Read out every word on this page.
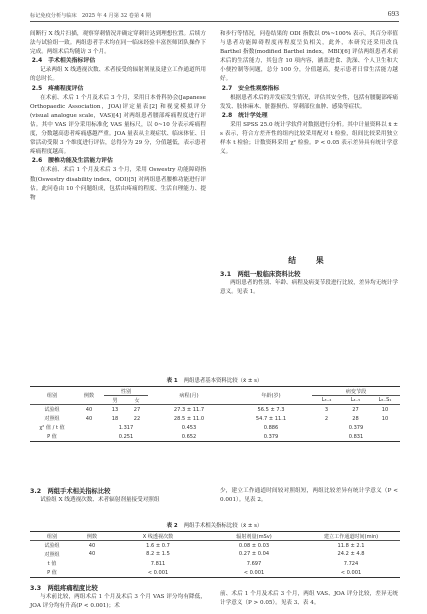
标记免疫分析与临床　2025 年 4 月第 32 卷第 4 期	693

间断行 X 线片扫描，观察穿刺情况并确定穿刺针达到理想位置。后续方法与试验组一致。两组患者手术均在同一临床经验丰富医师团队操作下完成。两组术后均随访 3 个月。

2.4　手术相关指标评估

记录两组 X 线透视次数、术者接受的辐射剂量及建立工作通道所用的总时长。

2.5　疼痛程度评估

在术前、术后 1 个月及术后 3 个月，采用日本骨科协会(Japanese Orthopaedic Association，JOA)评定量表[2] 和视觉模拟评分(visual analogue scale，VAS)[4] 对两组患者腰部疼痛程度进行评估。其中 VAS 评分采用标准化 VAS 量标尺，以 0~10 分表示疼痛程度，分数越高患者疼痛感越严重。JOA 量表从主观症状、临床体征、日常活动受限 3 个维度进行评估，总得分为 29 分，分值越低，表示患者疼痛程度越高。

2.6　腰椎功能及生活能力评估

在术前、术后 1 个月及术后 3 个月，采用 Oswestry 功能障碍指数(Oswestry disability index，ODI)[5] 对两组患者腰椎功能进行评估。此问卷由 10 个问题组成，包括由疼痛的程度、生活自理能力、提物

和步行等情况，问卷结果的 ODI 指数以 0%~100% 表示，其百分率值与患者功能障碍程度再程度呈负相关，此外，本研究还采用改良 Barthel 指数(modified Barthel index，MBI)[6] 评估两组患者术前术后的生活能力，其包含 10 项内容，涵盖进食、洗澡、个人卫生和大小便控制等问题，总分 100 分，分值越高，提示患者日常生活能力越好。

2.7　安全性观察指标

根据患者术后的并发症发生情况，评估其安全性，包括有腰腿部疼痛发发、肢体麻木、脏器损伤、穿刺部位血肿、感染等症状。

2.8　统计学处理

采用 SPSS 25.0 统计学软件对数据进行分析。其中计量资料以 x̄ ± s 表示，符合方差齐性的组内比较采用配对 t 检验，组间比较采用独立样本 t 检验；计数资料采用 χ² 检验。P < 0.05 表示差异具有统计学意义。

结　果
3.1　两组一般临床资料比较

两组患者的性别、年龄、病程及病变节段进行比较，差异均无统计学意义。见表 1。

表 1 两组患者基本资料比较（x̄ ± s）
组别	例数	性别		病程(月)	年龄(岁)	病变节段		
		男	女			L₃₋₄	L₄₋₅	L₅₋S₁
试验组	40	13	27	27.3 ± 11.7	56.5 ± 7.3	3	27	10
对照组	40	18	22	28.5 ± 11.0	54.7 ± 11.1	2	28	10
χ² 值 / t 值		1.317		0.453	0.886	0.379		
P 值		0.251		0.652	0.379	0.831		
3.2　两组手术相关指标比较

试验组 X 线透视次数、术者辐射剂量接受对照组

少，建立工作通道时间较对照组短，两组比较差异有统计学意义（P < 0.001）。见表 2。

表 2 两组手术相关指标比较（x̄ ± s）
组别	例数	X 线透视次数	辐射剂量(mSv)	建立工作通道时间(min)
试验组	40	1.6 ± 0.7	0.08 ± 0.03	11.8 ± 2.1
对照组	40	8.2 ± 1.5	0.27 ± 0.04	24.2 ± 4.8
t 值		7.811	7.697	7.724
P 值		< 0.001	< 0.001	< 0.001
3.3　两组疼痛程度比较

与术前比较，两组术后 1 个月及术后 3 个月 VAS 评分均有降低，JOA 评分均有升高(P < 0.001)；术

前、术后 1 个月及术后 3 个月，两组 VAS、JOA 评分比较，差异无统计学意义（P > 0.05）。见表 3、表 4。
